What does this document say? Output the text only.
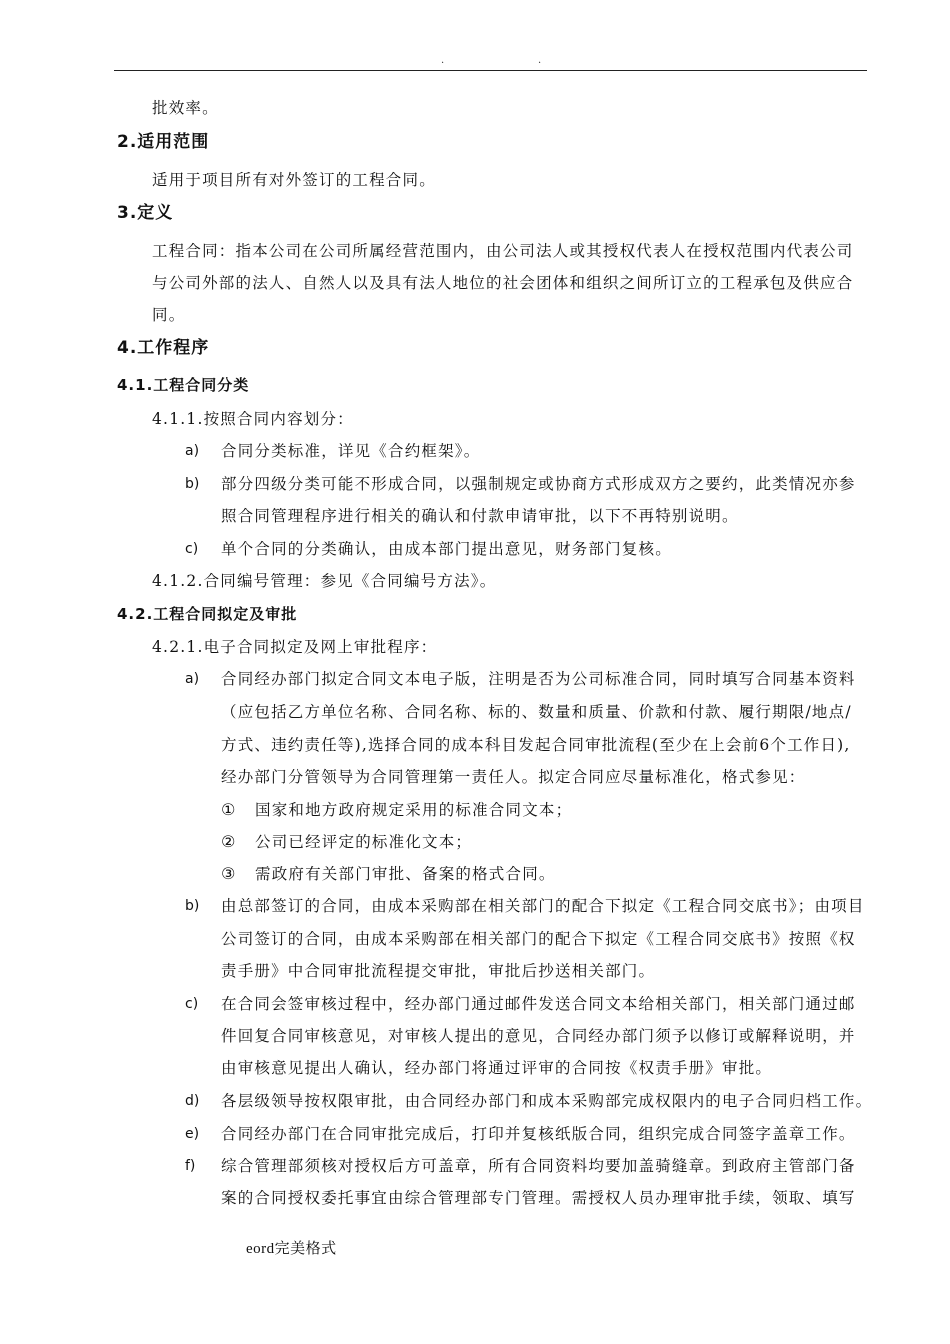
.	.
批效率。
2.适用范围
适用于项目所有对外签订的工程合同。
3.定义
工程合同：指本公司在公司所属经营范围内，由公司法人或其授权代表人在授权范围内代表公司
与公司外部的法人、自然人以及具有法人地位的社会团体和组织之间所订立的工程承包及供应合
同。
4.工作程序
4.1.工程合同分类
4.1.1.按照合同内容划分：
a) 合同分类标准，详见《合约框架》。
b) 部分四级分类可能不形成合同，以强制规定或协商方式形成双方之要约，此类情况亦参
照合同管理程序进行相关的确认和付款申请审批，以下不再特别说明。
c) 单个合同的分类确认，由成本部门提出意见，财务部门复核。
4.1.2.合同编号管理：参见《合同编号方法》。
4.2.工程合同拟定及审批
4.2.1.电子合同拟定及网上审批程序：
a) 合同经办部门拟定合同文本电子版，注明是否为公司标准合同，同时填写合同基本资料
（应包括乙方单位名称、合同名称、标的、数量和质量、价款和付款、履行期限/地点/
方式、违约责任等),选择合同的成本科目发起合同审批流程(至少在上会前6个工作日),
经办部门分管领导为合同管理第一责任人。拟定合同应尽量标准化，格式参见：
① 国家和地方政府规定采用的标准合同文本；
② 公司已经评定的标准化文本；
③ 需政府有关部门审批、备案的格式合同。
b) 由总部签订的合同，由成本采购部在相关部门的配合下拟定《工程合同交底书》；由项目
公司签订的合同，由成本采购部在相关部门的配合下拟定《工程合同交底书》按照《权
责手册》中合同审批流程提交审批，审批后抄送相关部门。
c) 在合同会签审核过程中，经办部门通过邮件发送合同文本给相关部门，相关部门通过邮
件回复合同审核意见，对审核人提出的意见，合同经办部门须予以修订或解释说明，并
由审核意见提出人确认，经办部门将通过评审的合同按《权责手册》审批。
d) 各层级领导按权限审批，由合同经办部门和成本采购部完成权限内的电子合同归档工作。
e) 合同经办部门在合同审批完成后，打印并复核纸版合同，组织完成合同签字盖章工作。
f) 综合管理部须核对授权后方可盖章，所有合同资料均要加盖骑缝章。到政府主管部门备
案的合同授权委托事宜由综合管理部专门管理。需授权人员办理审批手续，领取、填写
eord完美格式
